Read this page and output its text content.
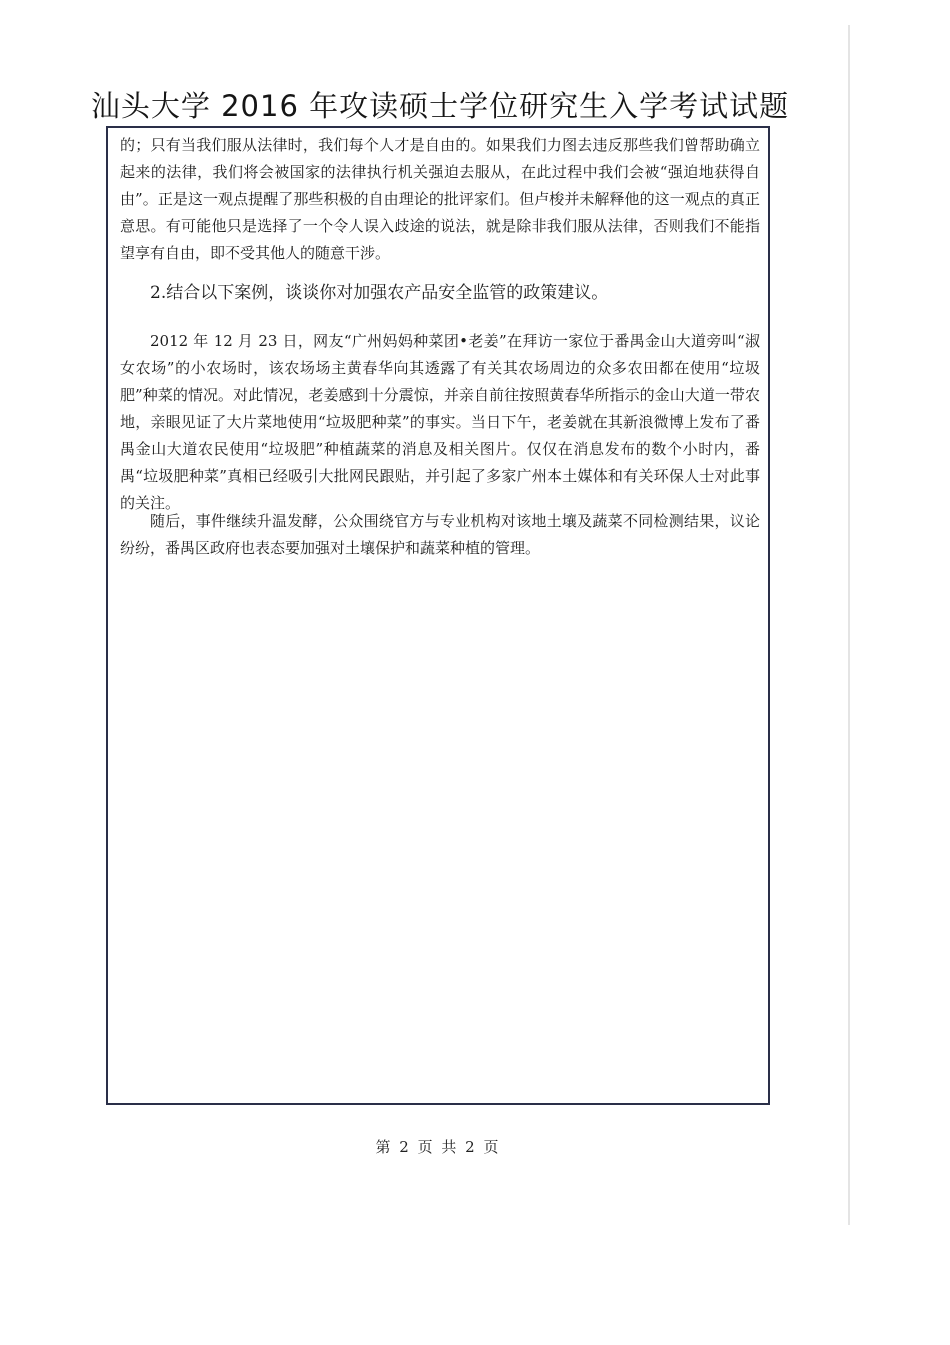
汕头大学 2016 年攻读硕士学位研究生入学考试试题

的；只有当我们服从法律时，我们每个人才是自由的。如果我们力图去违反那些我们曾帮助确立起来的法律，我们将会被国家的法律执行机关强迫去服从，在此过程中我们会被“强迫地获得自由”。正是这一观点提醒了那些积极的自由理论的批评家们。但卢梭并未解释他的这一观点的真正意思。有可能他只是选择了一个令人误入歧途的说法，就是除非我们服从法律，否则我们不能指望享有自由，即不受其他人的随意干涉。

2.结合以下案例，谈谈你对加强农产品安全监管的政策建议。

2012 年 12 月 23 日，网友“广州妈妈种菜团•老姜”在拜访一家位于番禺金山大道旁叫“淑女农场”的小农场时，该农场场主黄春华向其透露了有关其农场周边的众多农田都在使用“垃圾肥”种菜的情况。对此情况，老姜感到十分震惊，并亲自前往按照黄春华所指示的金山大道一带农地，亲眼见证了大片菜地使用“垃圾肥种菜”的事实。当日下午，老姜就在其新浪微博上发布了番禺金山大道农民使用“垃圾肥”种植蔬菜的消息及相关图片。仅仅在消息发布的数个小时内，番禺“垃圾肥种菜”真相已经吸引大批网民跟贴，并引起了多家广州本土媒体和有关环保人士对此事的关注。

随后，事件继续升温发酵，公众围绕官方与专业机构对该地土壤及蔬菜不同检测结果，议论纷纷，番禺区政府也表态要加强对土壤保护和蔬菜种植的管理。

第 2 页 共 2 页
